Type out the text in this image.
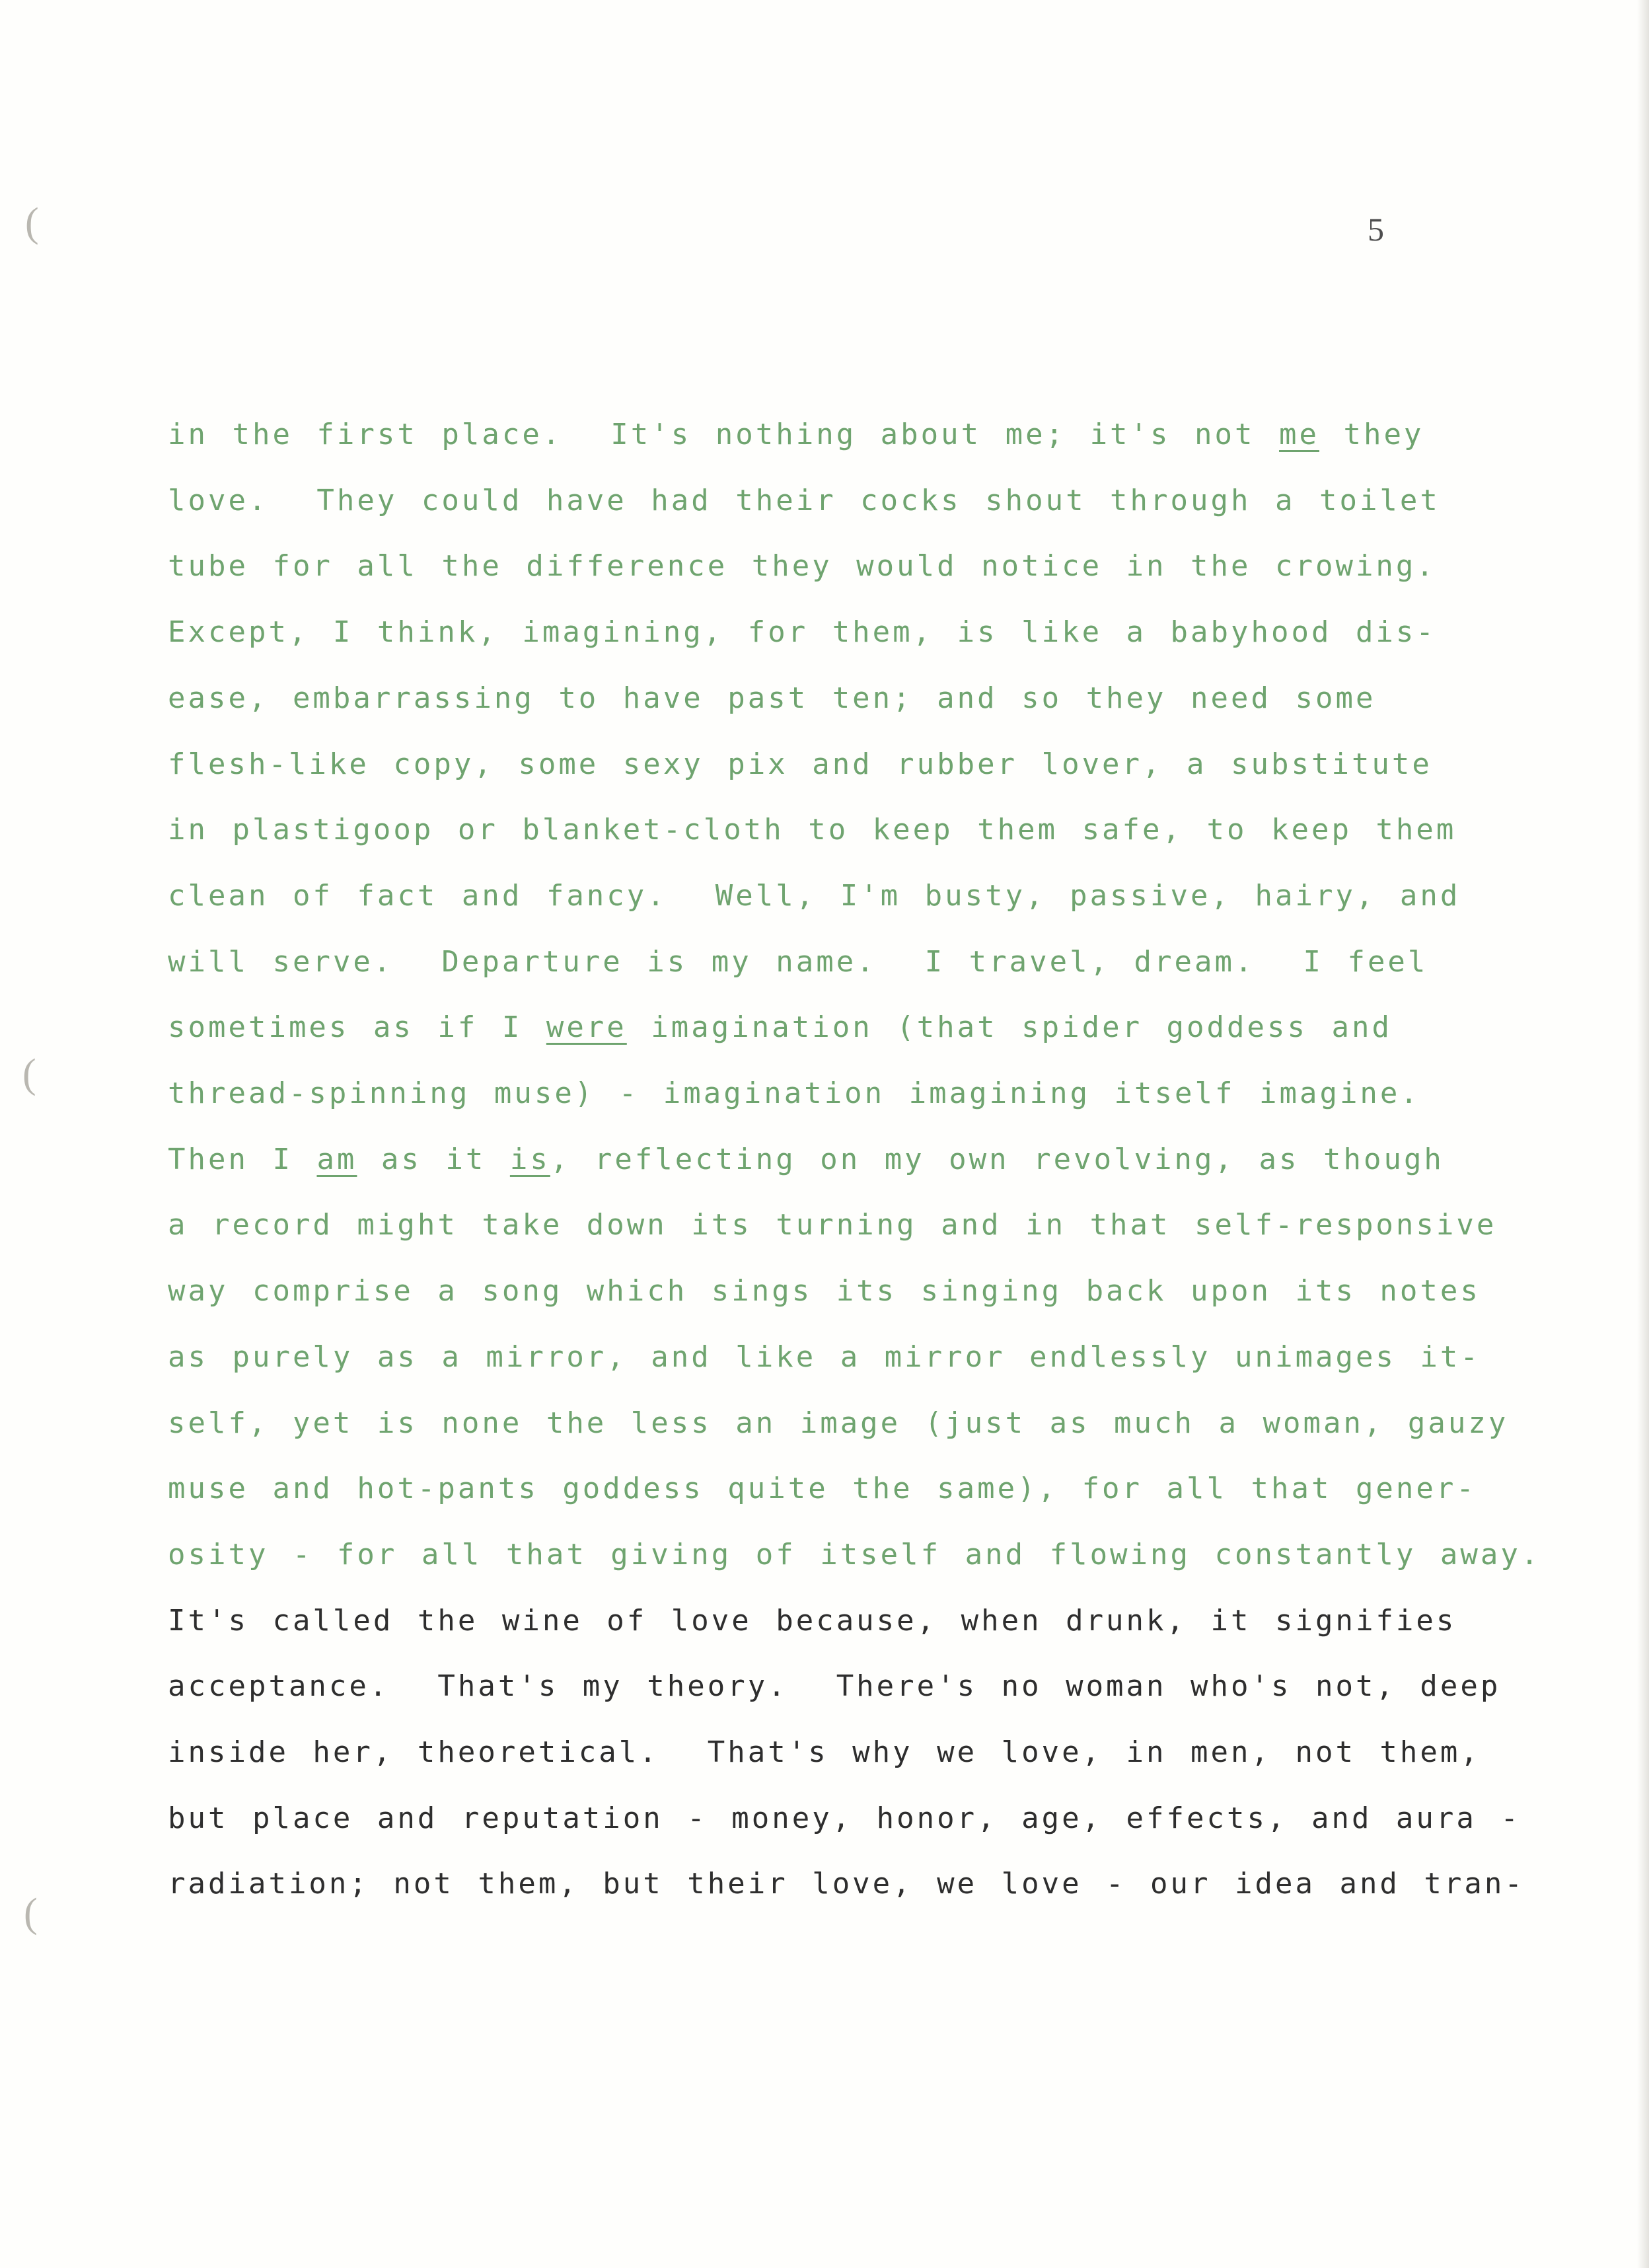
(
(
(
5
in the first place.  It's nothing about me; it's not me they
love.  They could have had their cocks shout through a toilet
tube for all the difference they would notice in the crowing.
Except, I think, imagining, for them, is like a babyhood dis-
ease, embarrassing to have past ten; and so they need some
flesh-like copy, some sexy pix and rubber lover, a substitute
in plastigoop or blanket-cloth to keep them safe, to keep them
clean of fact and fancy.  Well, I'm busty, passive, hairy, and
will serve.  Departure is my name.  I travel, dream.  I feel
sometimes as if I were imagination (that spider goddess and
thread-spinning muse) - imagination imagining itself imagine.
Then I am as it is, reflecting on my own revolving, as though
a record might take down its turning and in that self-responsive
way comprise a song which sings its singing back upon its notes
as purely as a mirror, and like a mirror endlessly unimages it-
self, yet is none the less an image (just as much a woman, gauzy
muse and hot-pants goddess quite the same), for all that gener-
osity - for all that giving of itself and flowing constantly away.
It's called the wine of love because, when drunk, it signifies
acceptance.  That's my theory.  There's no woman who's not, deep
inside her, theoretical.  That's why we love, in men, not them,
but place and reputation - money, honor, age, effects, and aura -
radiation; not them, but their love, we love - our idea and tran-
